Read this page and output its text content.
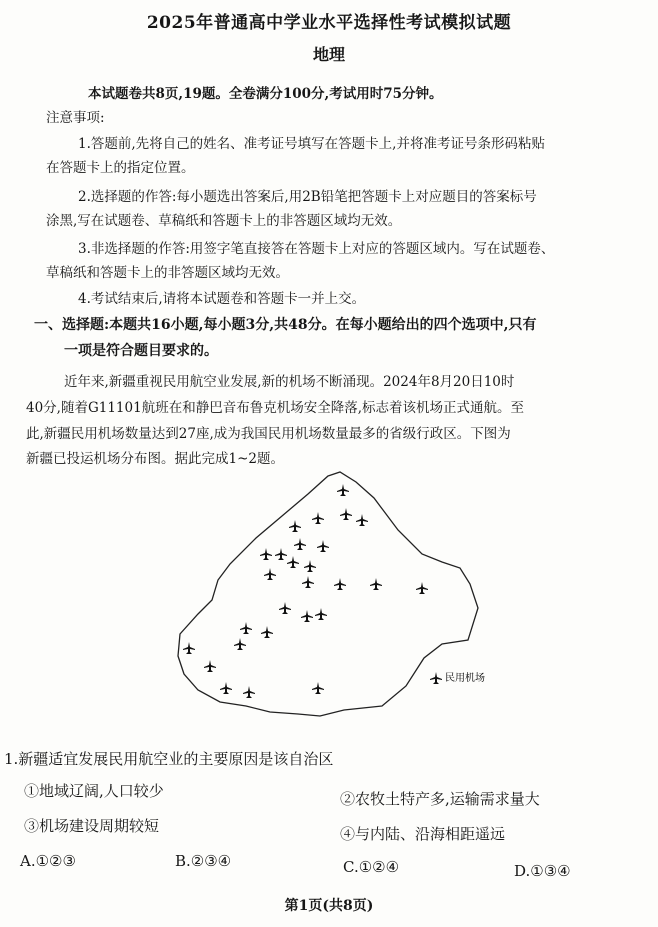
2025年普通高中学业水平选择性考试模拟试题
地理
本试题卷共8页,19题。全卷满分100分,考试用时75分钟。
注意事项:
1.答题前,先将自己的姓名、准考证号填写在答题卡上,并将准考证号条形码粘贴
在答题卡上的指定位置。
2.选择题的作答:每小题选出答案后,用2B铅笔把答题卡上对应题目的答案标号
涂黑,写在试题卷、草稿纸和答题卡上的非答题区域均无效。
3.非选择题的作答:用签字笔直接答在答题卡上对应的答题区域内。写在试题卷、
草稿纸和答题卡上的非答题区域均无效。
4.考试结束后,请将本试题卷和答题卡一并上交。
一、选择题:本题共16小题,每小题3分,共48分。在每小题给出的四个选项中,只有
一项是符合题目要求的。
近年来,新疆重视民用航空业发展,新的机场不断涌现。2024年8月20日10时
40分,随着G11101航班在和静巴音布鲁克机场安全降落,标志着该机场正式通航。至
此,新疆民用机场数量达到27座,成为我国民用机场数量最多的省级行政区。下图为
新疆已投运机场分布图。据此完成1~2题。
民用机场
1.新疆适宜发展民用航空业的主要原因是该自治区
①地域辽阔,人口较少	②农牧土特产多,运输需求量大
③机场建设周期较短	④与内陆、沿海相距遥远
A.①②③	B.②③④	C.①②④	D.①③④
第1页(共8页)
